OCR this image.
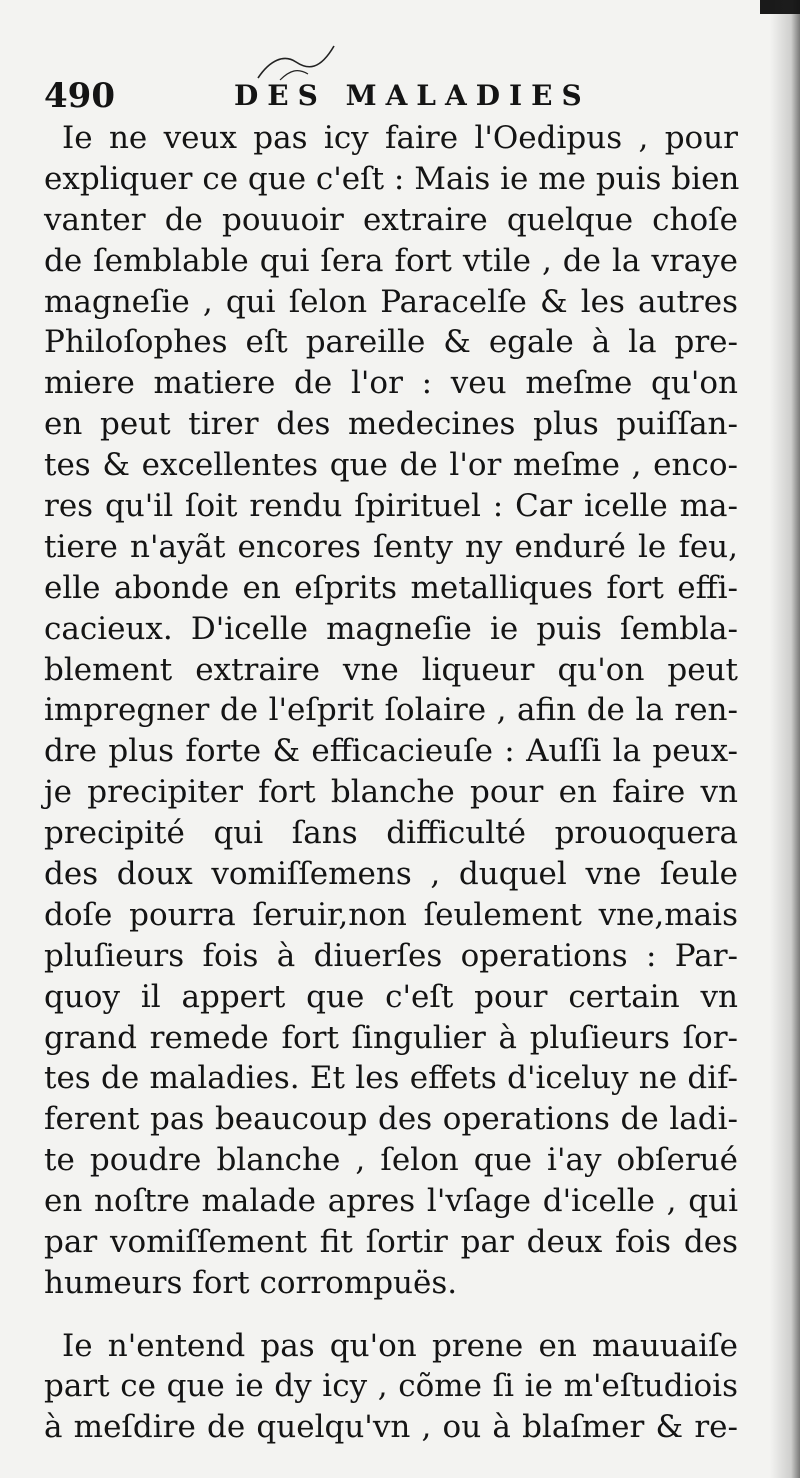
490	DES MALADIES
Ie ne veux pas icy faire l'Oedipus , pour
expliquer ce que c'eſt : Mais ie me puis bien
vanter de pouuoir extraire quelque choſe
de ſemblable qui ſera fort vtile , de la vraye
magneſie , qui ſelon Paracelſe & les autres
Philoſophes eſt pareille & egale à la pre-
miere matiere de l'or : veu meſme qu'on
en peut tirer des medecines plus puiſſan-
tes & excellentes que de l'or meſme , enco-
res qu'il ſoit rendu ſpirituel : Car icelle ma-
tiere n'ayãt encores ſenty ny enduré le feu,
elle abonde en eſprits metalliques fort effi-
cacieux. D'icelle magneſie ie puis ſembla-
blement extraire vne liqueur qu'on peut
impregner de l'eſprit ſolaire , afin de la ren-
dre plus forte & efficacieuſe : Auſſi la peux-
je precipiter fort blanche pour en faire vn
precipité qui ſans difficulté prouoquera
des doux vomiſſemens , duquel vne ſeule
doſe pourra ſeruir,non ſeulement vne,mais
pluſieurs fois à diuerſes operations : Par-
quoy il appert que c'eſt pour certain vn
grand remede fort ſingulier à pluſieurs ſor-
tes de maladies. Et les effets d'iceluy ne dif-
ferent pas beaucoup des operations de ladi-
te poudre blanche , ſelon que i'ay obſerué
en noſtre malade apres l'vſage d'icelle , qui
par vomiſſement fit ſortir par deux fois des
humeurs fort corrompuës.
Ie n'entend pas qu'on prene en mauuaiſe
part ce que ie dy icy , cõme ſi ie m'eſtudiois
à meſdire de quelqu'vn , ou à blaſmer & re-
